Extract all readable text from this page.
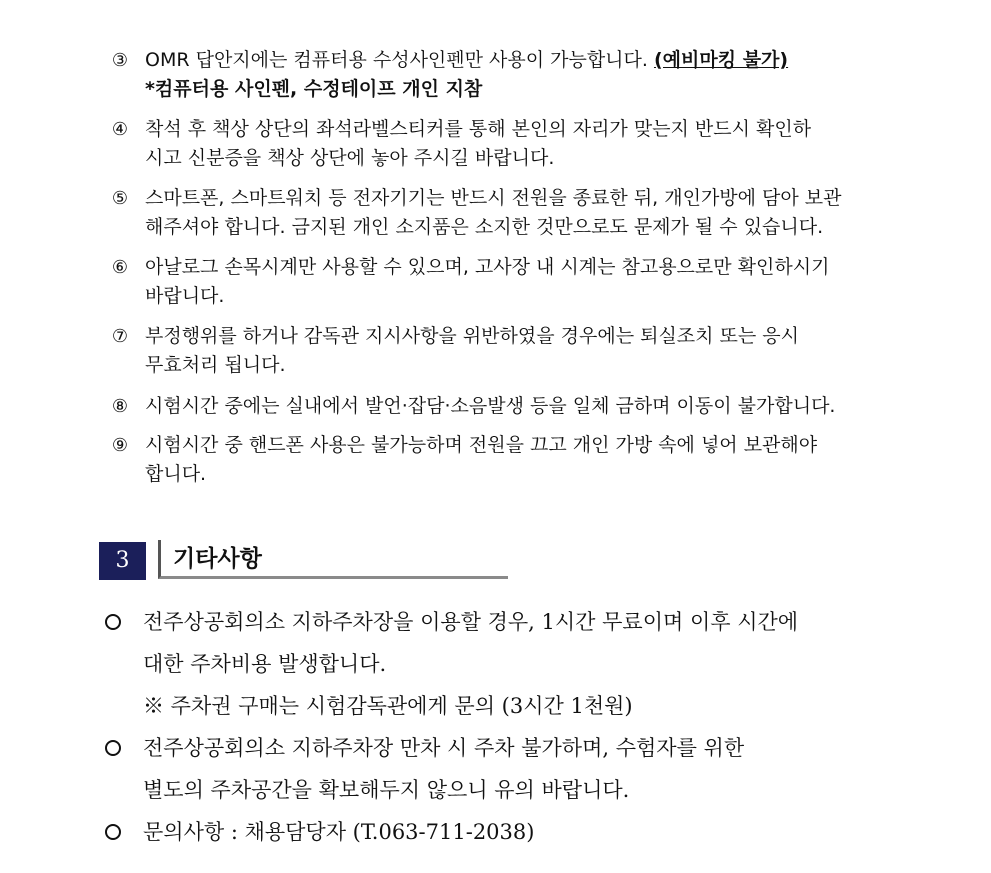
③ OMR 답안지에는 컴퓨터용 수성사인펜만 사용이 가능합니다. (예비마킹 불가)
*컴퓨터용 사인펜, 수정테이프 개인 지참
④ 착석 후 책상 상단의 좌석라벨스티커를 통해 본인의 자리가 맞는지 반드시 확인하
시고 신분증을 책상 상단에 놓아 주시길 바랍니다.
⑤ 스마트폰, 스마트워치 등 전자기기는 반드시 전원을 종료한 뒤, 개인가방에 담아 보관
해주셔야 합니다. 금지된 개인 소지품은 소지한 것만으로도 문제가 될 수 있습니다.
⑥ 아날로그 손목시계만 사용할 수 있으며, 고사장 내 시계는 참고용으로만 확인하시기
바랍니다.
⑦ 부정행위를 하거나 감독관 지시사항을 위반하였을 경우에는 퇴실조치 또는 응시
무효처리 됩니다.
⑧ 시험시간 중에는 실내에서 발언·잡담·소음발생 등을 일체 금하며 이동이 불가합니다.
⑨ 시험시간 중 핸드폰 사용은 불가능하며 전원을 끄고 개인 가방 속에 넣어 보관해야
합니다.
3	기타사항
전주상공회의소 지하주차장을 이용할 경우, 1시간 무료이며 이후 시간에
대한 주차비용 발생합니다.
※ 주차권 구매는 시험감독관에게 문의 (3시간 1천원)
전주상공회의소 지하주차장 만차 시 주차 불가하며, 수험자를 위한
별도의 주차공간을 확보해두지 않으니 유의 바랍니다.
문의사항 : 채용담당자 (T.063-711-2038)
